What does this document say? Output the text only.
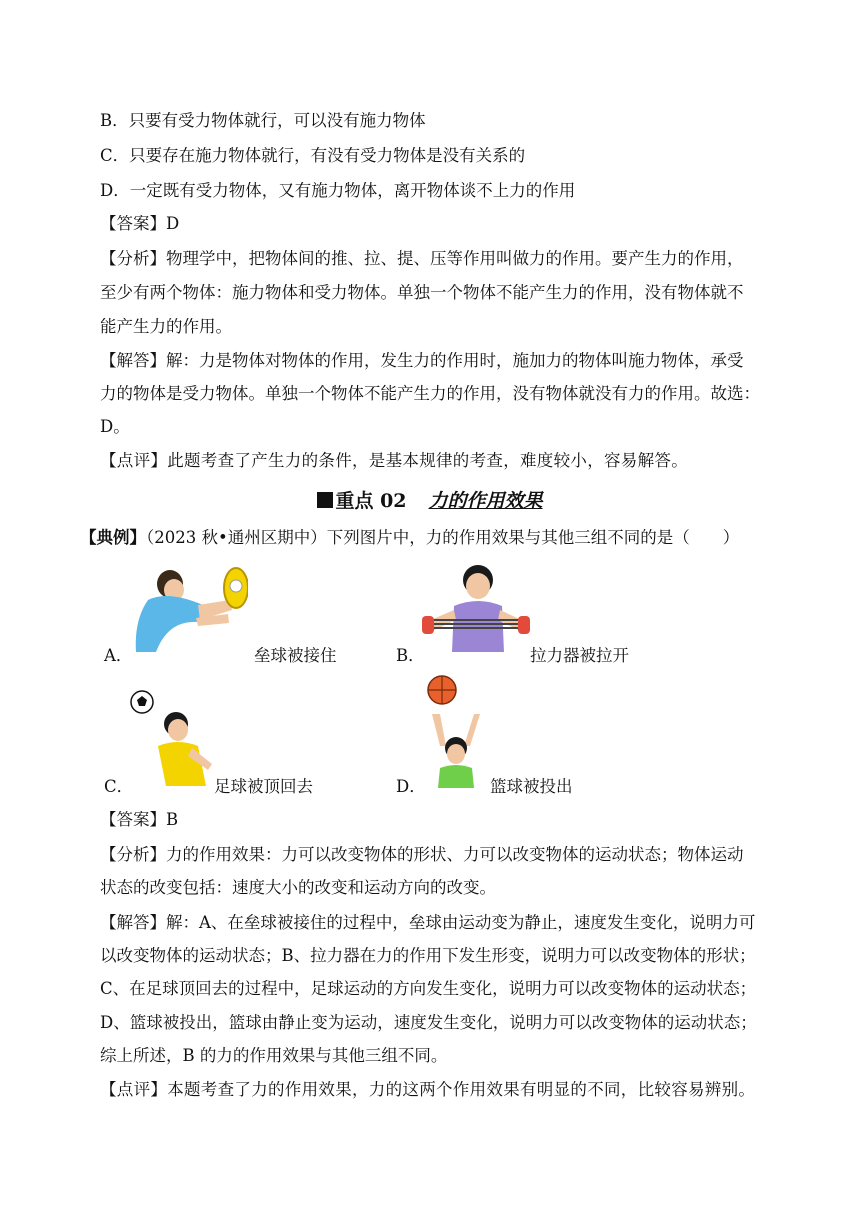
B．只要有受力物体就行，可以没有施力物体
C．只要存在施力物体就行，有没有受力物体是没有关系的
D．一定既有受力物体，又有施力物体，离开物体谈不上力的作用
【答案】D
【分析】物理学中，把物体间的推、拉、提、压等作用叫做力的作用。要产生力的作用，
至少有两个物体：施力物体和受力物体。单独一个物体不能产生力的作用，没有物体就不
能产生力的作用。
【解答】解：力是物体对物体的作用，发生力的作用时，施加力的物体叫施力物体，承受
力的物体是受力物体。单独一个物体不能产生力的作用，没有物体就没有力的作用。故选：
D。
【点评】此题考查了产生力的条件，是基本规律的考查，难度较小，容易解答。
重点 02 力的作用效果
【典例】（2023 秋•通州区期中）下列图片中，力的作用效果与其他三组不同的是（　　）
A．	垒球被接住	B．	拉力器被拉开
C．	足球被顶回去	D．	篮球被投出
【答案】B
【分析】力的作用效果：力可以改变物体的形状、力可以改变物体的运动状态；物体运动
状态的改变包括：速度大小的改变和运动方向的改变。
【解答】解：A、在垒球被接住的过程中，垒球由运动变为静止，速度发生变化，说明力可
以改变物体的运动状态；B、拉力器在力的作用下发生形变，说明力可以改变物体的形状；
C、在足球顶回去的过程中，足球运动的方向发生变化，说明力可以改变物体的运动状态；
D、篮球被投出，篮球由静止变为运动，速度发生变化，说明力可以改变物体的运动状态；
综上所述，B 的力的作用效果与其他三组不同。
【点评】本题考查了力的作用效果，力的这两个作用效果有明显的不同，比较容易辨别。
